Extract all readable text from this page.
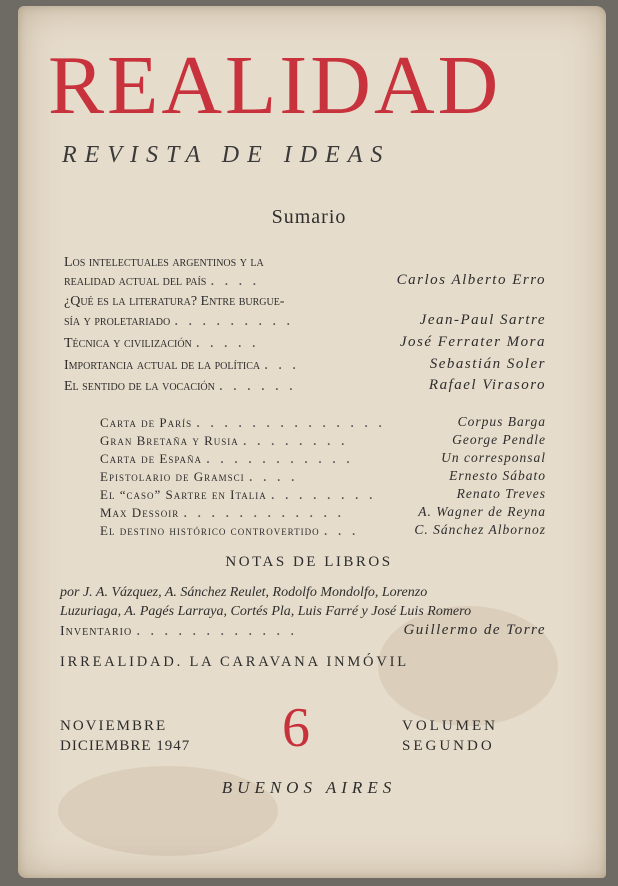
REALIDAD
REVISTA DE IDEAS
Sumario
Los intelectuales argentinos y la
realidad actual del país . . . .	Carlos Alberto Erro
¿Qué es la literatura? Entre burgue-
sía y proletariado . . . . . . . . .	Jean-Paul Sartre
Técnica y civilización . . . . .	José Ferrater Mora
Importancia actual de la política . . .	Sebastián Soler
El sentido de la vocación . . . . . .	Rafael Virasoro
Carta de París . . . . . . . . . . . . . .	Corpus Barga
Gran Bretaña y Rusia . . . . . . . .	George Pendle
Carta de España . . . . . . . . . . .	Un corresponsal
Epistolario de Gramsci . . . .	Ernesto Sábato
El “caso” Sartre en Italia . . . . . . . .	Renato Treves
Max Dessoir . . . . . . . . . . . .	A. Wagner de Reyna
El destino histórico controvertido . . .	C. Sánchez Albornoz
NOTAS DE LIBROS
por J. A. Vázquez, A. Sánchez Reulet, Rodolfo Mondolfo, Lorenzo
Luzuriaga, A. Pagés Larraya, Cortés Pla, Luis Farré y José Luis Romero
Inventario . . . . . . . . . . . .	Guillermo de Torre
IRREALIDAD. LA CARAVANA INMÓVIL
NOVIEMBRE
DICIEMBRE 1947 6	VOLUMEN
SEGUNDO
BUENOS AIRES
